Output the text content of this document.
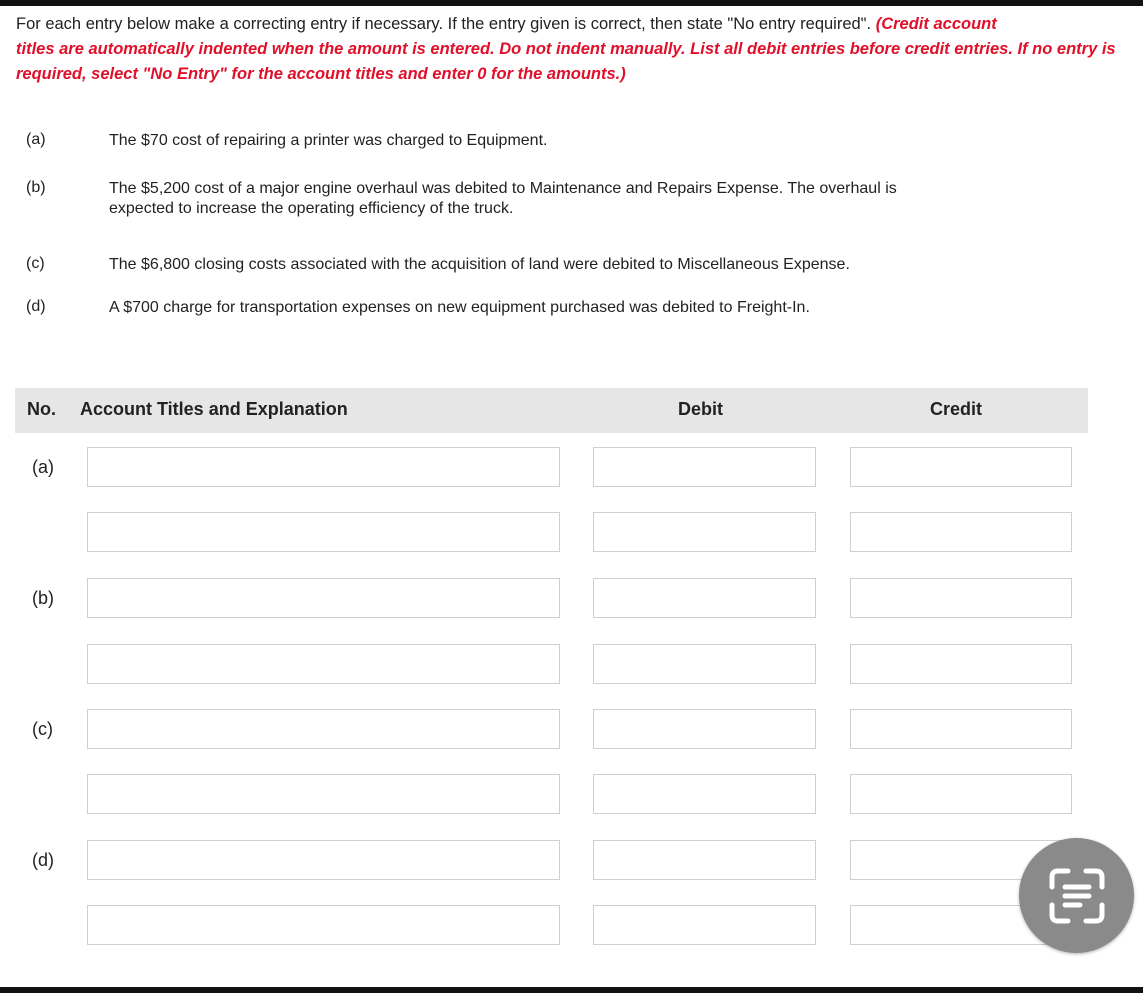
For each entry below make a correcting entry if necessary. If the entry given is correct, then state "No entry required". (Credit account
titles are automatically indented when the amount is entered. Do not indent manually. List all debit entries before credit entries. If no entry is
required, select "No Entry" for the account titles and enter 0 for the amounts.)
(a)	The $70 cost of repairing a printer was charged to Equipment.
(b)	The $5,200 cost of a major engine overhaul was debited to Maintenance and Repairs Expense. The overhaul is
expected to increase the operating efficiency of the truck.
(c)	The $6,800 closing costs associated with the acquisition of land were debited to Miscellaneous Expense.
(d)	A $700 charge for transportation expenses on new equipment purchased was debited to Freight-In.
No. Account Titles and Explanation	Debit	Credit
(a)
(b)
(c)
(d)
